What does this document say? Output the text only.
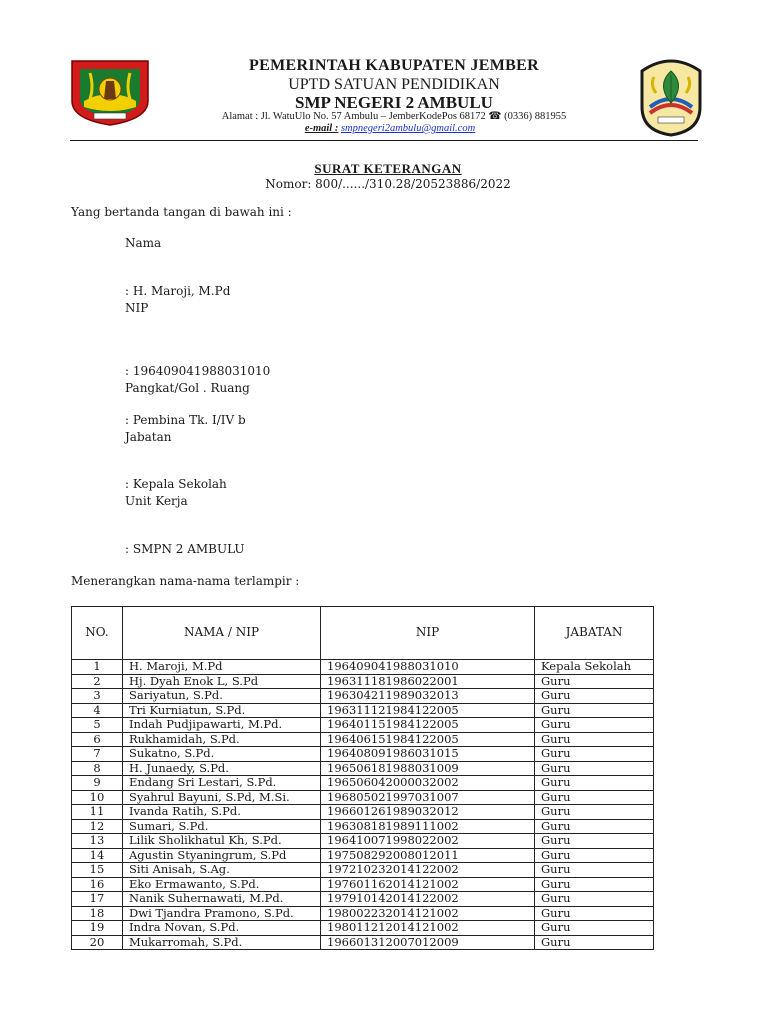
PEMERINTAH KABUPATEN JEMBER
UPTD SATUAN PENDIDIKAN
SMP NEGERI 2 AMBULU
Alamat : Jl. WatuUlo No. 57 Ambulu – JemberKodePos 68172 ☎ (0336) 881955
e-mail : smpnegeri2ambulu@gmail.com
SURAT KETERANGAN
Nomor: 800/....../310.28/20523886/2022
Yang bertanda tangan di bawah ini :
Nama
: H. Maroji, M.Pd
NIP
: 196409041988031010
Pangkat/Gol . Ruang
: Pembina Tk. I/IV b
Jabatan
: Kepala Sekolah
Unit Kerja
: SMPN 2 AMBULU
Menerangkan nama-nama terlampir :
NO.	NAMA / NIP	NIP	JABATAN
1	H. Maroji, M.Pd	196409041988031010	Kepala Sekolah
2	Hj. Dyah Enok L, S.Pd	196311181986022001	Guru
3	Sariyatun, S.Pd.	196304211989032013	Guru
4	Tri Kurniatun, S.Pd.	196311121984122005	Guru
5	Indah Pudjipawarti, M.Pd.	196401151984122005	Guru
6	Rukhamidah, S.Pd.	196406151984122005	Guru
7	Sukatno, S.Pd.	196408091986031015	Guru
8	H. Junaedy, S.Pd.	196506181988031009	Guru
9	Endang Sri Lestari, S.Pd.	196506042000032002	Guru
10	Syahrul Bayuni, S.Pd, M.Si.	196805021997031007	Guru
11	Ivanda Ratih, S.Pd.	196601261989032012	Guru
12	Sumari, S.Pd.	196308181989111002	Guru
13	Lilik Sholikhatul Kh, S.Pd.	196410071998022002	Guru
14	Agustin Styaningrum, S.Pd	197508292008012011	Guru
15	Siti Anisah, S.Ag.	197210232014122002	Guru
16	Eko Ermawanto, S.Pd.	197601162014121002	Guru
17	Nanik Suhernawati, M.Pd.	197910142014122002	Guru
18	Dwi Tjandra Pramono, S.Pd.	198002232014121002	Guru
19	Indra Novan, S.Pd.	198011212014121002	Guru
20	Mukarromah, S.Pd.	196601312007012009	Guru
